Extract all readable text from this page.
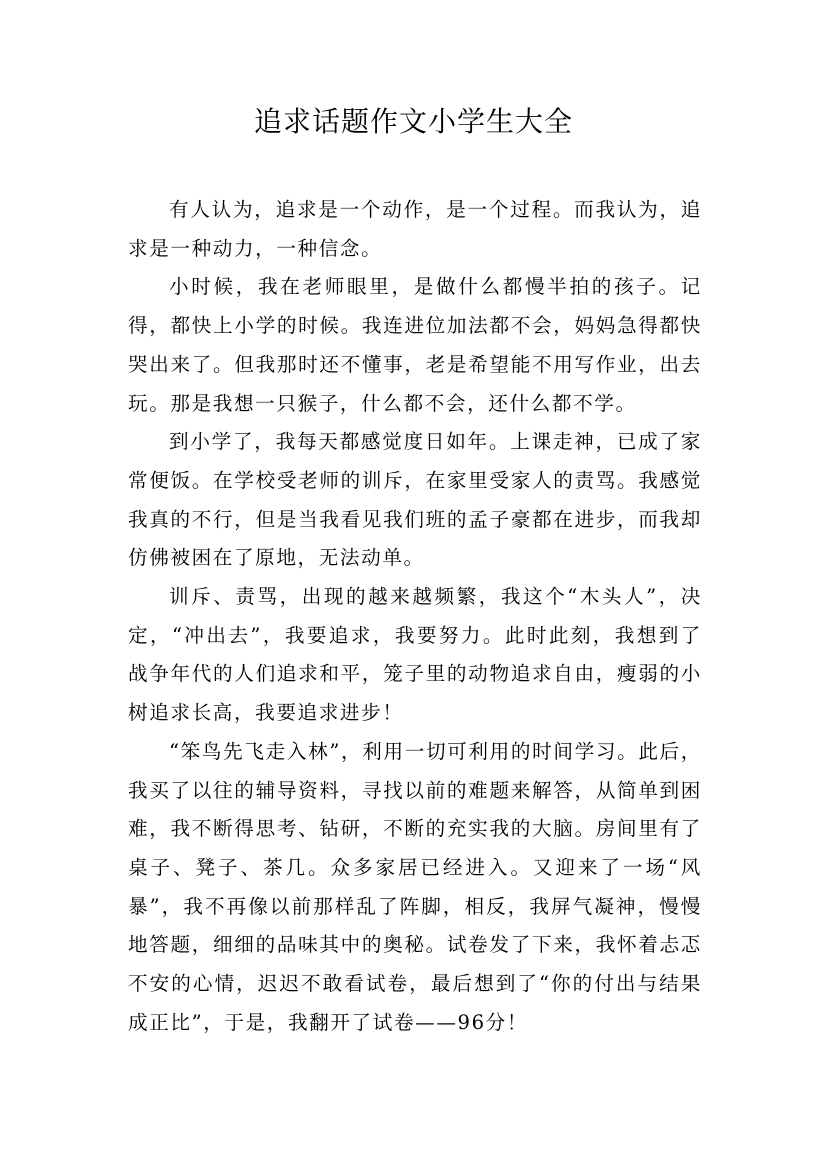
追求话题作文小学生大全

有人认为，追求是一个动作，是一个过程。而我认为，追求是一种动力，一种信念。

小时候，我在老师眼里，是做什么都慢半拍的孩子。记得，都快上小学的时候。我连进位加法都不会，妈妈急得都快哭出来了。但我那时还不懂事，老是希望能不用写作业，出去玩。那是我想一只猴子，什么都不会，还什么都不学。

到小学了，我每天都感觉度日如年。上课走神，已成了家常便饭。在学校受老师的训斥，在家里受家人的责骂。我感觉我真的不行，但是当我看见我们班的孟子豪都在进步，而我却仿佛被困在了原地，无法动单。

训斥、责骂，出现的越来越频繁，我这个“木头人”，决定，“冲出去”，我要追求，我要努力。此时此刻，我想到了战争年代的人们追求和平，笼子里的动物追求自由，瘦弱的小树追求长高，我要追求进步！

“笨鸟先飞走入林”，利用一切可利用的时间学习。此后，我买了以往的辅导资料，寻找以前的难题来解答，从简单到困难，我不断得思考、钻研，不断的充实我的大脑。房间里有了桌子、凳子、茶几。众多家居已经进入。又迎来了一场“风暴”，我不再像以前那样乱了阵脚，相反，我屏气凝神，慢慢地答题，细细的品味其中的奥秘。试卷发了下来，我怀着忐忑不安的心情，迟迟不敢看试卷，最后想到了“你的付出与结果成正比”，于是，我翻开了试卷——96分！
